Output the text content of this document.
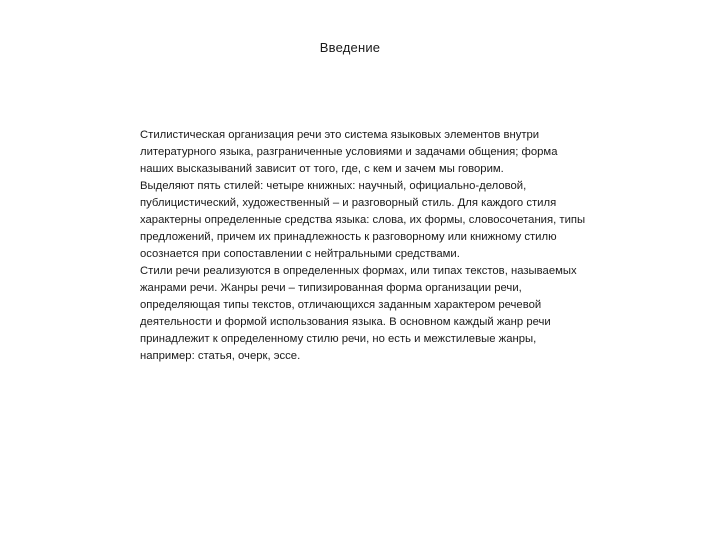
Введение

Стилистическая организация речи это система языковых элементов внутри литературного языка, разграниченные условиями и задачами общения; форма наших высказываний зависит от того, где, с кем и зачем мы говорим.

Выделяют пять стилей: четыре книжных: научный, официально-деловой, публицистический, художественный – и разговорный стиль. Для каждого стиля характерны определенные средства языка: слова, их формы, словосочетания, типы предложений, причем их принадлежность к разговорному или книжному стилю осознается при сопоставлении с нейтральными средствами.

Стили речи реализуются в определенных формах, или типах текстов, называемых жанрами речи. Жанры речи – типизированная форма организации речи, определяющая типы текстов, отличающихся заданным характером речевой деятельности и формой использования языка. В основном каждый жанр речи принадлежит к определенному стилю речи, но есть и межстилевые жанры, например: статья, очерк, эссе.
